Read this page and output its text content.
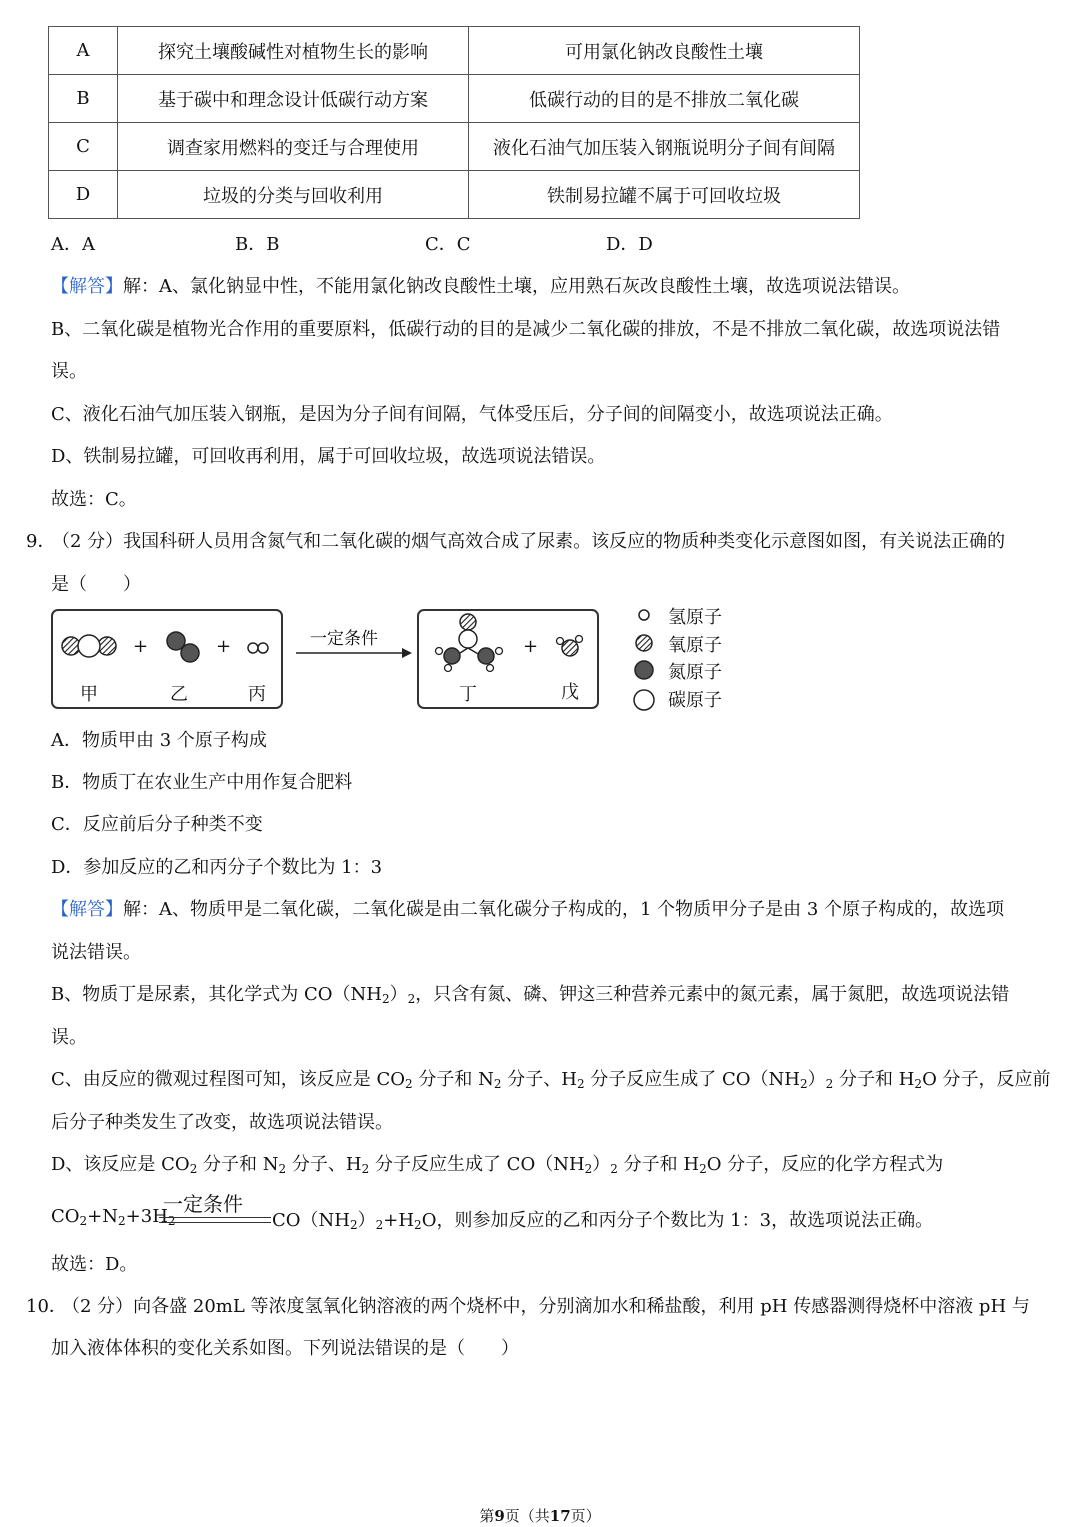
A	探究土壤酸碱性对植物生长的影响	可用氯化钠改良酸性土壤
B	基于碳中和理念设计低碳行动方案	低碳行动的目的是不排放二氧化碳
C	调查家用燃料的变迁与合理使用	液化石油气加压装入钢瓶说明分子间有间隔
D	垃圾的分类与回收利用	铁制易拉罐不属于可回收垃圾
A．A	B．B	C．C	D．D
【解答】解：A、氯化钠显中性，不能用氯化钠改良酸性土壤，应用熟石灰改良酸性土壤，故选项说法错误。
B、二氧化碳是植物光合作用的重要原料，低碳行动的目的是减少二氧化碳的排放，不是不排放二氧化碳，故选项说法错
误。
C、液化石油气加压装入钢瓶，是因为分子间有间隔，气体受压后，分子间的间隔变小，故选项说法正确。
D、铁制易拉罐，可回收再利用，属于可回收垃圾，故选项说法错误。
故选：C。
9．
（2 分）我国科研人员用含氮气和二氧化碳的烟气高效合成了尿素。该反应的物质种类变化示意图如图，有关说法正确的
是（　　）
+	+	+
一定条件
甲	乙	丙	丁	戊
氢原子
氧原子
氮原子
碳原子
A．物质甲由 3 个原子构成
B．物质丁在农业生产中用作复合肥料
C．反应前后分子种类不变
D．参加反应的乙和丙分子个数比为 1：3
【解答】解：A、物质甲是二氧化碳，二氧化碳是由二氧化碳分子构成的，1 个物质甲分子是由 3 个原子构成的，故选项
说法错误。
B、物质丁是尿素，其化学式为 $CO(NH_2)_2$，只含有氮、磷、钾这三种营养元素中的氮元素，属于氮肥，故选项说法错
误。
C、由反应的微观过程图可知，该反应是 $CO_2$ 分子和 $N_2$ 分子、$H_2$ 分子反应生成了 $CO(NH_2)_2$ 分子和 $H_2O$ 分子，反应前
后分子种类发生了改变，故选项说法错误。
D、该反应是 $CO_2$ 分子和 $N_2$ 分子、$H_2$ 分子反应生成了 $CO(NH_2)_2$ 分子和 $H_2O$ 分子，反应的化学方程式为
$CO_2+N_2+3H_2$
一定条件
$CO(NH_2)_2+H_2O$，则参加反应的乙和丙分子个数比为 1：3，故选项说法正确。
故选：D。
10．
（2 分）向各盛 20mL 等浓度氢氧化钠溶液的两个烧杯中，分别滴加水和稀盐酸，利用 pH 传感器测得烧杯中溶液 pH 与
加入液体体积的变化关系如图。下列说法错误的是（　　）
第9页（共17页）
